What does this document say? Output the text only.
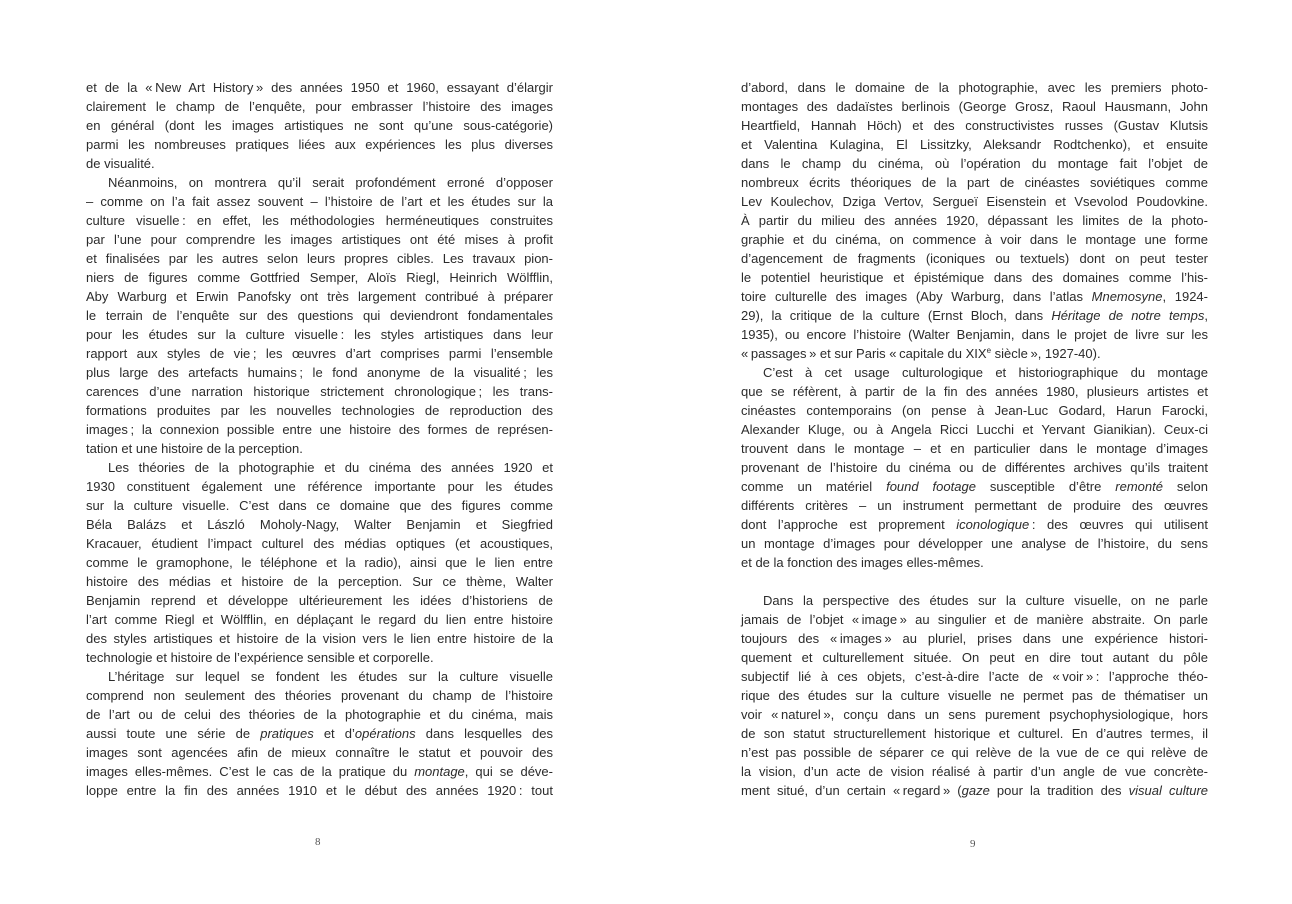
et de la « New Art History » des années 1950 et 1960, essayant d’élargir
clairement le champ de l’enquête, pour embrasser l’histoire des images
en général (dont les images artistiques ne sont qu’une sous-catégorie)
parmi les nombreuses pratiques liées aux expériences les plus diverses
de visualité.
Néanmoins, on montrera qu’il serait profondément erroné d’opposer
– comme on l’a fait assez souvent – l’histoire de l’art et les études sur la
culture visuelle : en effet, les méthodologies herméneutiques construites
par l’une pour comprendre les images artistiques ont été mises à profit
et finalisées par les autres selon leurs propres cibles. Les travaux pion-
niers de figures comme Gottfried Semper, Aloïs Riegl, Heinrich Wölfflin,
Aby Warburg et Erwin Panofsky ont très largement contribué à préparer
le terrain de l’enquête sur des questions qui deviendront fondamentales
pour les études sur la culture visuelle : les styles artistiques dans leur
rapport aux styles de vie ; les œuvres d’art comprises parmi l’ensemble
plus large des artefacts humains ; le fond anonyme de la visualité ; les
carences d’une narration historique strictement chronologique ; les trans-
formations produites par les nouvelles technologies de reproduction des
images ; la connexion possible entre une histoire des formes de représen-
tation et une histoire de la perception.
Les théories de la photographie et du cinéma des années 1920 et
1930 constituent également une référence importante pour les études
sur la culture visuelle. C’est dans ce domaine que des figures comme
Béla Balázs et László Moholy-Nagy, Walter Benjamin et Siegfried
Kracauer, étudient l’impact culturel des médias optiques (et acoustiques,
comme le gramophone, le téléphone et la radio), ainsi que le lien entre
histoire des médias et histoire de la perception. Sur ce thème, Walter
Benjamin reprend et développe ultérieurement les idées d’historiens de
l’art comme Riegl et Wölfflin, en déplaçant le regard du lien entre histoire
des styles artistiques et histoire de la vision vers le lien entre histoire de la
technologie et histoire de l’expérience sensible et corporelle.
L’héritage sur lequel se fondent les études sur la culture visuelle
comprend non seulement des théories provenant du champ de l’histoire
de l’art ou de celui des théories de la photographie et du cinéma, mais
aussi toute une série de pratiques et d’opérations dans lesquelles des
images sont agencées afin de mieux connaître le statut et pouvoir des
images elles-mêmes. C’est le cas de la pratique du montage, qui se déve-
loppe entre la fin des années 1910 et le début des années 1920 : tout
d’abord, dans le domaine de la photographie, avec les premiers photo-
montages des dadaïstes berlinois (George Grosz, Raoul Hausmann, John
Heartfield, Hannah Höch) et des constructivistes russes (Gustav Klutsis
et Valentina Kulagina, El Lissitzky, Aleksandr Rodtchenko), et ensuite
dans le champ du cinéma, où l’opération du montage fait l’objet de
nombreux écrits théoriques de la part de cinéastes soviétiques comme
Lev Koulechov, Dziga Vertov, Sergueï Eisenstein et Vsevolod Poudovkine.
À partir du milieu des années 1920, dépassant les limites de la photo-
graphie et du cinéma, on commence à voir dans le montage une forme
d’agencement de fragments (iconiques ou textuels) dont on peut tester
le potentiel heuristique et épistémique dans des domaines comme l’his-
toire culturelle des images (Aby Warburg, dans l’atlas Mnemosyne, 1924-
29), la critique de la culture (Ernst Bloch, dans Héritage de notre temps,
1935), ou encore l’histoire (Walter Benjamin, dans le projet de livre sur les
« passages » et sur Paris « capitale du XIXe siècle », 1927-40).
C’est à cet usage culturologique et historiographique du montage
que se réfèrent, à partir de la fin des années 1980, plusieurs artistes et
cinéastes contemporains (on pense à Jean-Luc Godard, Harun Farocki,
Alexander Kluge, ou à Angela Ricci Lucchi et Yervant Gianikian). Ceux-ci
trouvent dans le montage – et en particulier dans le montage d’images
provenant de l’histoire du cinéma ou de différentes archives qu’ils traitent
comme un matériel found footage susceptible d’être remonté selon
différents critères – un instrument permettant de produire des œuvres
dont l’approche est proprement iconologique : des œuvres qui utilisent
un montage d’images pour développer une analyse de l’histoire, du sens
et de la fonction des images elles-mêmes.
Dans la perspective des études sur la culture visuelle, on ne parle
jamais de l’objet « image » au singulier et de manière abstraite. On parle
toujours des « images » au pluriel, prises dans une expérience histori-
quement et culturellement située. On peut en dire tout autant du pôle
subjectif lié à ces objets, c’est-à-dire l’acte de « voir » : l’approche théo-
rique des études sur la culture visuelle ne permet pas de thématiser un
voir « naturel », conçu dans un sens purement psychophysiologique, hors
de son statut structurellement historique et culturel. En d’autres termes, il
n’est pas possible de séparer ce qui relève de la vue de ce qui relève de
la vision, d’un acte de vision réalisé à partir d’un angle de vue concrète-
ment situé, d’un certain « regard » (gaze pour la tradition des visual culture
8	9
